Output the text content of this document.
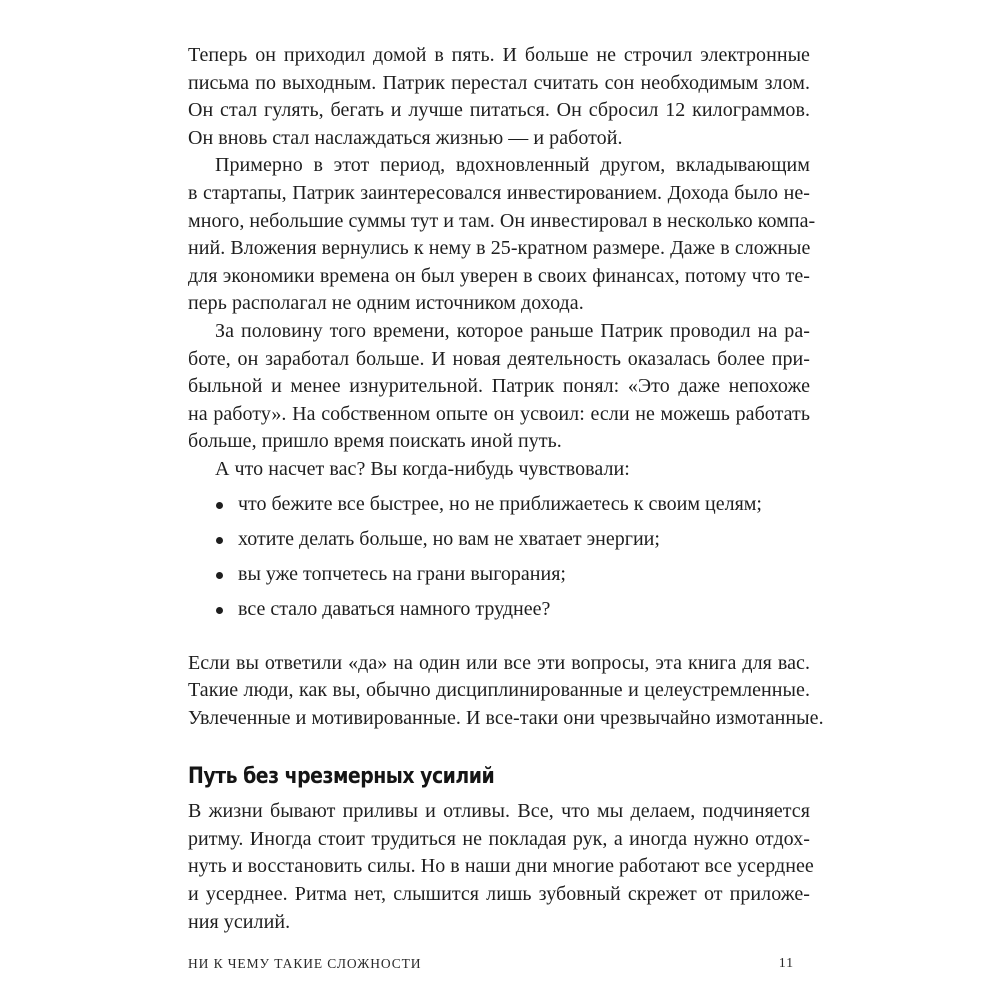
Теперь он приходил домой в пять. И больше не строчил электронные
письма по выходным. Патрик перестал считать сон необходимым злом.
Он стал гулять, бегать и лучше питаться. Он сбросил 12 килограммов.
Он вновь стал наслаждаться жизнью — и работой.
Примерно в этот период, вдохновленный другом, вкладывающим
в стартапы, Патрик заинтересовался инвестированием. Дохода было не-
много, небольшие суммы тут и там. Он инвестировал в несколько компа-
ний. Вложения вернулись к нему в 25-кратном размере. Даже в сложные
для экономики времена он был уверен в своих финансах, потому что те-
перь располагал не одним источником дохода.
За половину того времени, которое раньше Патрик проводил на ра-
боте, он заработал больше. И новая деятельность оказалась более при-
быльной и менее изнурительной. Патрик понял: «Это даже непохоже
на работу». На собственном опыте он усвоил: если не можешь работать
больше, пришло время поискать иной путь.
А что насчет вас? Вы когда-нибудь чувствовали:
что бежите все быстрее, но не приближаетесь к своим целям;
хотите делать больше, но вам не хватает энергии;
вы уже топчетесь на грани выгорания;
все стало даваться намного труднее?
Если вы ответили «да» на один или все эти вопросы, эта книга для вас.
Такие люди, как вы, обычно дисциплинированные и целеустремленные.
Увлеченные и мотивированные. И все-таки они чрезвычайно измотанные.
Путь без чрезмерных усилий
В жизни бывают приливы и отливы. Все, что мы делаем, подчиняется
ритму. Иногда стоит трудиться не покладая рук, а иногда нужно отдох-
нуть и восстановить силы. Но в наши дни многие работают все усерднее
и усерднее. Ритма нет, слышится лишь зубовный скрежет от приложе-
ния усилий.
НИ К ЧЕМУ ТАКИЕ СЛОЖНОСТИ	11
